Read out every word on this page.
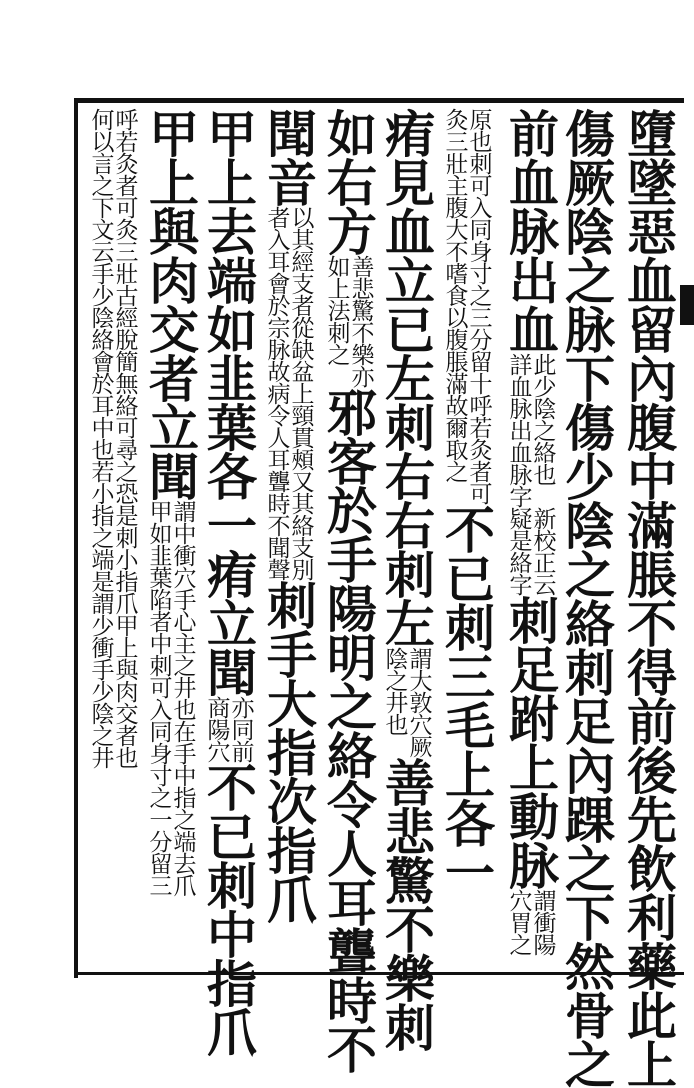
墮墜惡血留內腹中滿脹不得前後先飲利藥此上
傷厥陰之脉下傷少陰之絡刺足內踝之下然骨之
前血脉出血
此少陰之絡也　新校正云
詳血脉出血脉字疑是絡字
刺足跗上動脉
謂衝陽
穴胃之
原也刺可入同身寸之三分留十呼若灸者可
灸三壯主腹大不嗜食以腹脹滿故爾取之
不已刺三毛上各一
痏見血立已左刺右右刺左
謂大敦穴厥
陰之井也
善悲驚不樂刺
如右方
善悲驚不樂亦
如上法刺之
邪客於手陽明之絡令人耳聾時不
聞音
以其經支者從缺盆上頸貫頰又其絡支別
者入耳會於宗脉故病令人耳聾時不聞聲
刺手大指次指爪
甲上去端如韭葉各一痏立聞
亦同前
商陽穴
不已刺中指爪
甲上與肉交者立聞
謂中衝穴手心主之井也在手中指之端去爪
甲如韭葉陷者中刺可入同身寸之一分留三
呼若灸者可灸三壯古經脫簡無絡可尋之恐是刺小指爪甲上與肉交者也
何以言之下文云手少陰絡會於耳中也若小指之端是謂少衝手少陰之井
